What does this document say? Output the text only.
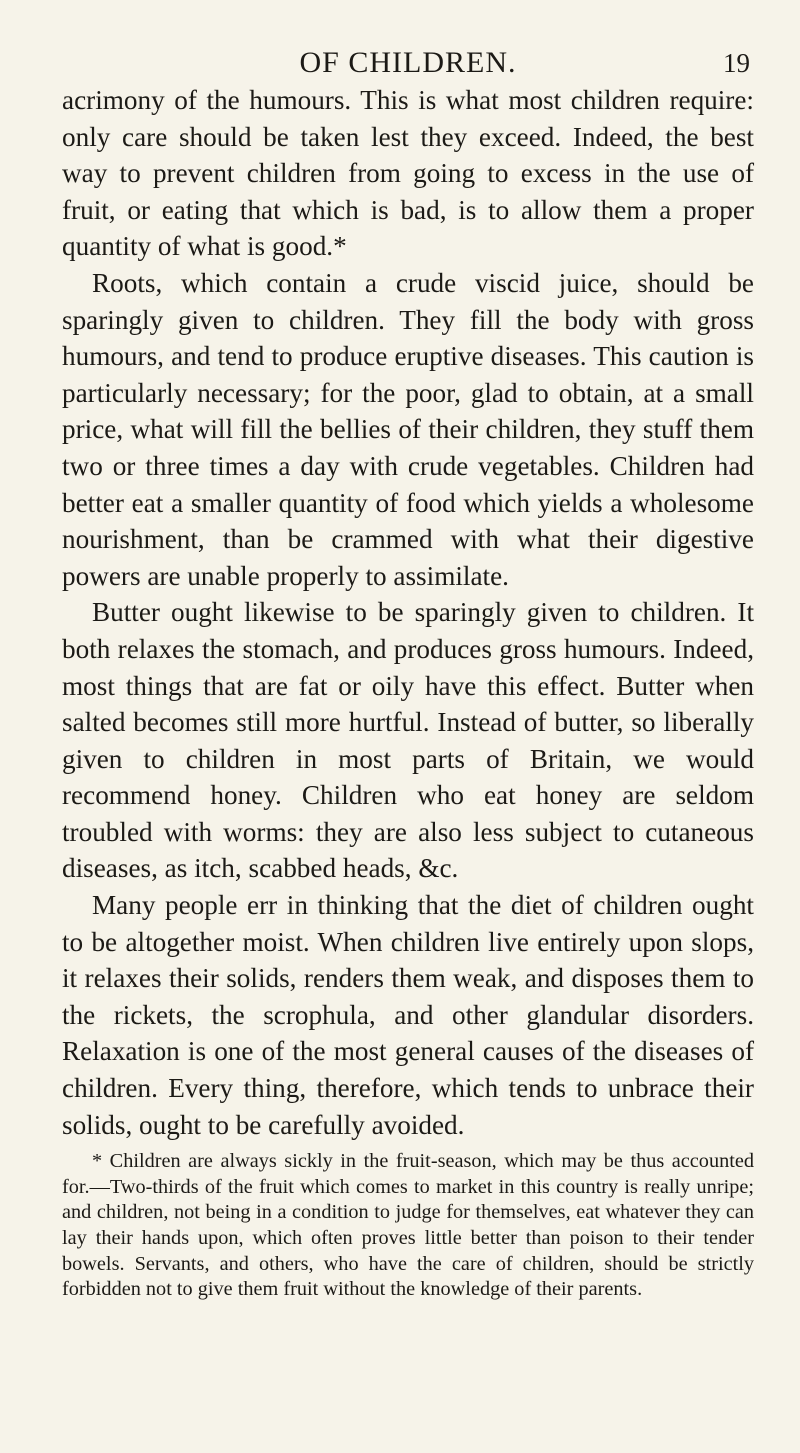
OF CHILDREN.	19

acrimony of the humours. This is what most children require: only care should be taken lest they exceed. Indeed, the best way to prevent children from going to excess in the use of fruit, or eating that which is bad, is to allow them a proper quantity of what is good.*

Roots, which contain a crude viscid juice, should be sparingly given to children. They fill the body with gross humours, and tend to produce eruptive diseases. This caution is particularly necessary; for the poor, glad to obtain, at a small price, what will fill the bellies of their children, they stuff them two or three times a day with crude vegetables. Children had better eat a smaller quantity of food which yields a wholesome nourishment, than be crammed with what their digestive powers are unable properly to assimilate.

Butter ought likewise to be sparingly given to children. It both relaxes the stomach, and produces gross humours. Indeed, most things that are fat or oily have this effect. Butter when salted becomes still more hurtful. Instead of butter, so liberally given to children in most parts of Britain, we would recommend honey. Children who eat honey are seldom troubled with worms: they are also less subject to cutaneous diseases, as itch, scabbed heads, &c.

Many people err in thinking that the diet of children ought to be altogether moist. When children live entirely upon slops, it relaxes their solids, renders them weak, and disposes them to the rickets, the scrophula, and other glandular disorders. Relaxation is one of the most general causes of the diseases of children. Every thing, therefore, which tends to unbrace their solids, ought to be carefully avoided.

* Children are always sickly in the fruit-season, which may be thus accounted for.—Two-thirds of the fruit which comes to market in this country is really unripe; and children, not being in a condition to judge for themselves, eat whatever they can lay their hands upon, which often proves little better than poison to their tender bowels. Servants, and others, who have the care of children, should be strictly forbidden not to give them fruit without the knowledge of their parents.
